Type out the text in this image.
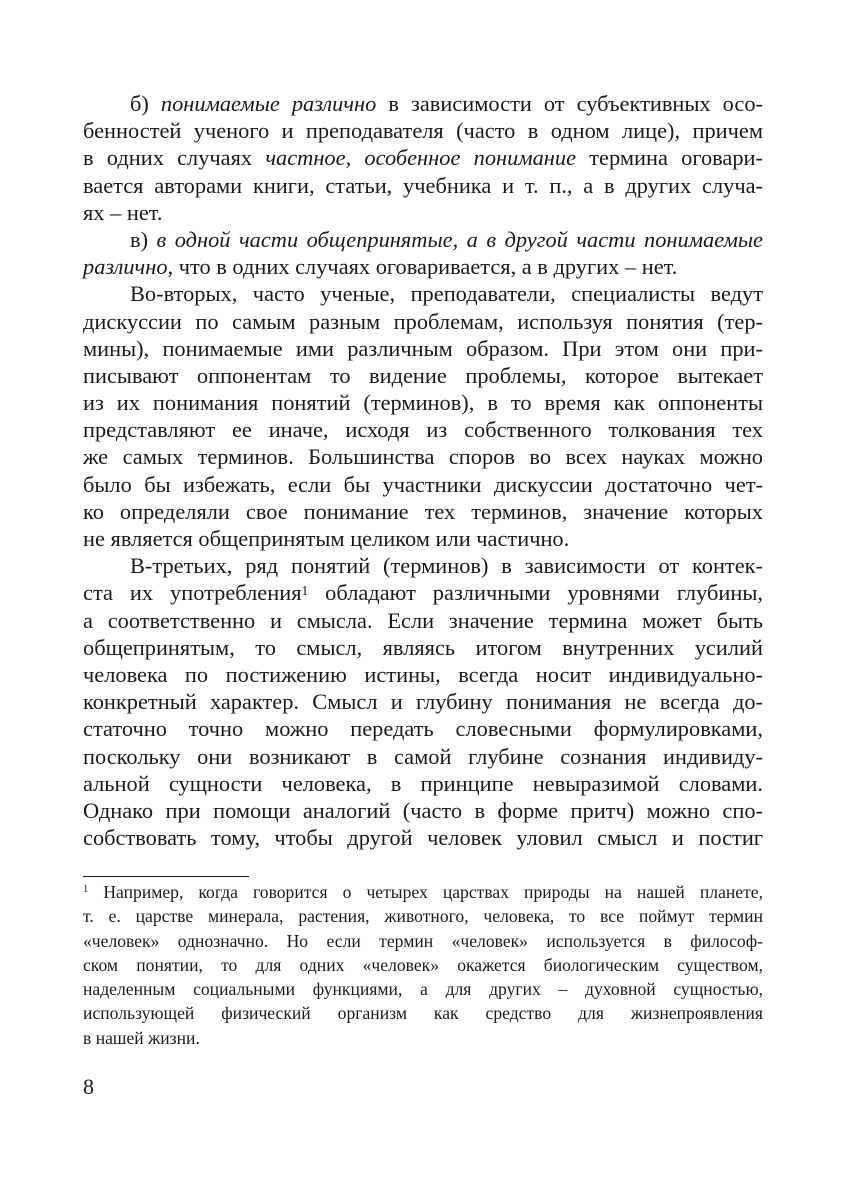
б) понимаемые различно в зависимости от субъективных осо-
бенностей ученого и преподавателя (часто в одном лице), причем
в одних случаях частное, особенное понимание термина оговари-
вается авторами книги, статьи, учебника и т. п., а в других случа-
ях – нет.
в) в одной части общепринятые, а в другой части понимаемые
различно, что в одних случаях оговаривается, а в других – нет.
Во-вторых, часто ученые, преподаватели, специалисты ведут
дискуссии по самым разным проблемам, используя понятия (тер-
мины), понимаемые ими различным образом. При этом они при-
писывают оппонентам то видение проблемы, которое вытекает
из их понимания понятий (терминов), в то время как оппоненты
представляют ее иначе, исходя из собственного толкования тех
же самых терминов. Большинства споров во всех науках можно
было бы избежать, если бы участники дискуссии достаточно чет-
ко определяли свое понимание тех терминов, значение которых
не является общепринятым целиком или частично.
В-третьих, ряд понятий (терминов) в зависимости от контек-
ста их употребления$^1$ обладают различными уровнями глубины,
а соответственно и смысла. Если значение термина может быть
общепринятым, то смысл, являясь итогом внутренних усилий
человека по постижению истины, всегда носит индивидуально-
конкретный характер. Смысл и глубину понимания не всегда до-
статочно точно можно передать словесными формулировками,
поскольку они возникают в самой глубине сознания индивиду-
альной сущности человека, в принципе невыразимой словами.
Однако при помощи аналогий (часто в форме притч) можно спо-
собствовать тому, чтобы другой человек уловил смысл и постиг
$^1$ Например, когда говорится о четырех царствах природы на нашей планете,
т. е. царстве минерала, растения, животного, человека, то все поймут термин
«человек» однозначно. Но если термин «человек» используется в философ-
ском понятии, то для одних «человек» окажется биологическим существом,
наделенным социальными функциями, а для других – духовной сущностью,
использующей физический организм как средство для жизнепроявления
в нашей жизни.
8
